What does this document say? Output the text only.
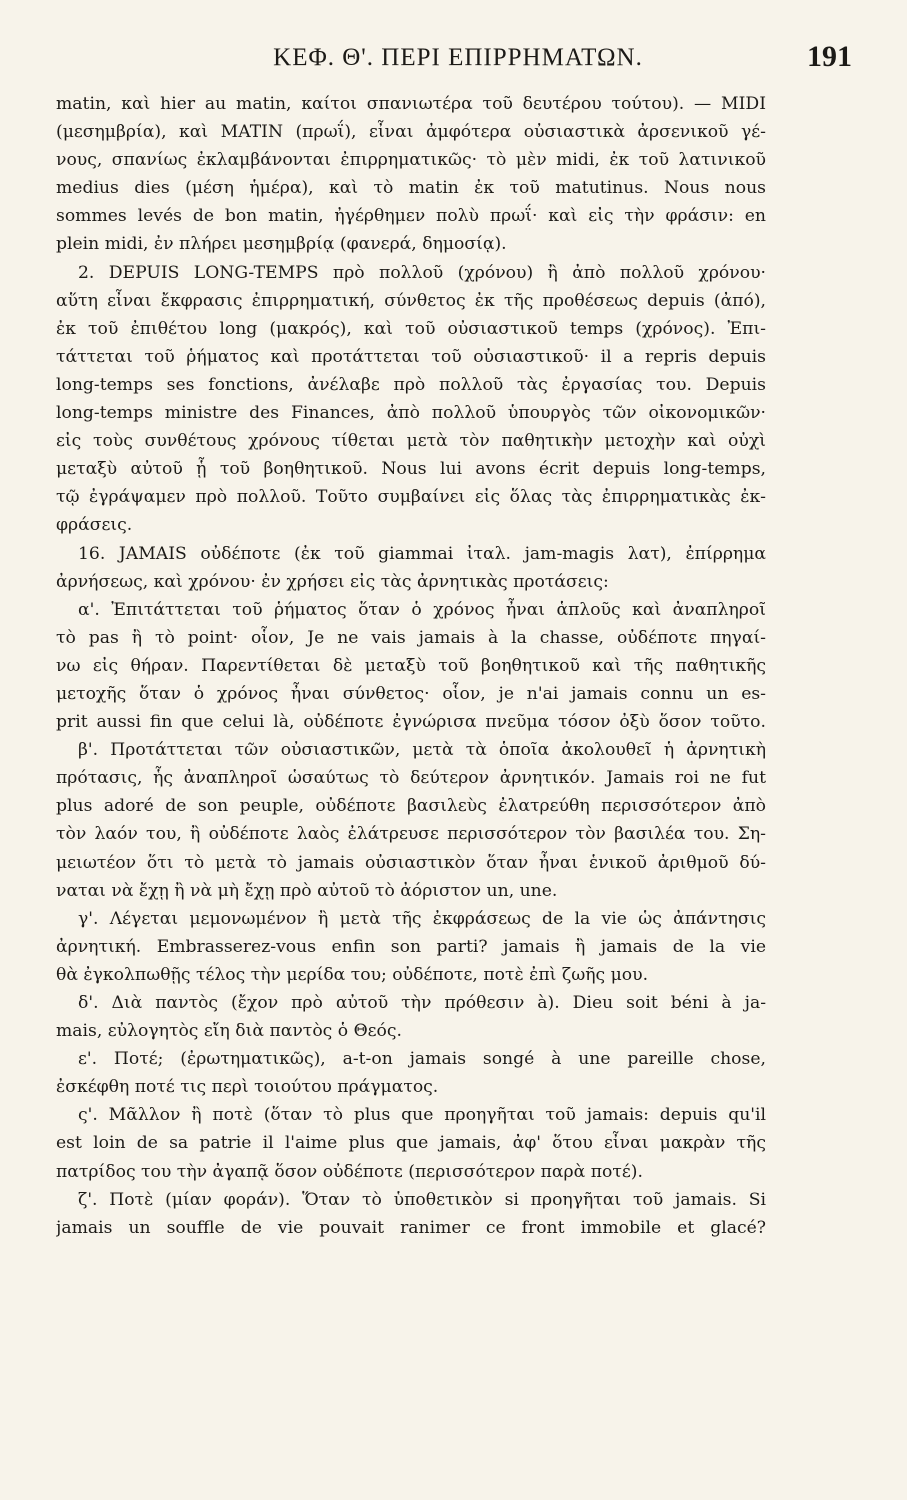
ΚΕΦ. Θ'. ΠΕΡΙ ΕΠΙΡΡΗΜΑΤΩΝ.	191
matin, καὶ hier au matin, καίτοι σπανιωτέρα τοῦ δευτέρου τούτου). — MIDI
(μεσημβρία), καὶ MATIN (πρωΐ), εἶναι ἀμφότερα οὐσιαστικὰ ἀρσενικοῦ γέ-
νους, σπανίως ἐκλαμβάνονται ἐπιρρηματικῶς· τὸ μὲν midi, ἐκ τοῦ λατινικοῦ
medius dies (μέση ἡμέρα), καὶ τὸ matin ἐκ τοῦ matutinus. Nous nous
sommes levés de bon matin, ἠγέρθημεν πολὺ πρωΐ· καὶ εἰς τὴν φράσιν: en
plein midi, ἐν πλήρει μεσημβρίᾳ (φανερά, δημοσίᾳ).
2. DEPUIS LONG-TEMPS πρὸ πολλοῦ (χρόνου) ἢ ἀπὸ πολλοῦ χρόνου·
αὕτη εἶναι ἔκφρασις ἐπιρρηματική, σύνθετος ἐκ τῆς προθέσεως depuis (ἀπό),
ἐκ τοῦ ἐπιθέτου long (μακρός), καὶ τοῦ οὐσιαστικοῦ temps (χρόνος). Ἐπι-
τάττεται τοῦ ῥήματος καὶ προτάττεται τοῦ οὐσιαστικοῦ· il a repris depuis
long-temps ses fonctions, ἀνέλαβε πρὸ πολλοῦ τὰς ἐργασίας του. Depuis
long-temps ministre des Finances, ἀπὸ πολλοῦ ὑπουργὸς τῶν οἰκονομικῶν·
εἰς τοὺς συνθέτους χρόνους τίθεται μετὰ τὸν παθητικὴν μετοχὴν καὶ οὐχὶ
μεταξὺ αὐτοῦ ᾗ τοῦ βοηθητικοῦ. Nous lui avons écrit depuis long-temps,
τῷ ἐγράψαμεν πρὸ πολλοῦ. Τοῦτο συμβαίνει εἰς ὅλας τὰς ἐπιρρηματικὰς ἐκ-
φράσεις.
16. JAMAIS οὐδέποτε (ἐκ τοῦ giammai ἰταλ. jam-magis λατ), ἐπίρρημα
ἀρνήσεως, καὶ χρόνου· ἐν χρήσει εἰς τὰς ἀρνητικὰς προτάσεις:
α'. Ἐπιτάττεται τοῦ ῥήματος ὅταν ὁ χρόνος ἦναι ἁπλοῦς καὶ ἀναπληροῖ
τὸ pas ἢ τὸ point· οἷον, Je ne vais jamais à la chasse, οὐδέποτε πηγαί-
νω εἰς θήραν. Παρεντίθεται δὲ μεταξὺ τοῦ βοηθητικοῦ καὶ τῆς παθητικῆς
μετοχῆς ὅταν ὁ χρόνος ἦναι σύνθετος· οἷον, je n'ai jamais connu un es-
prit aussi fin que celui là, οὐδέποτε ἐγνώρισα πνεῦμα τόσον ὀξὺ ὅσον τοῦτο.
β'. Προτάττεται τῶν οὐσιαστικῶν, μετὰ τὰ ὁποῖα ἀκολουθεῖ ἡ ἀρνητικὴ
πρότασις, ἧς ἀναπληροῖ ὡσαύτως τὸ δεύτερον ἀρνητικόν. Jamais roi ne fut
plus adoré de son peuple, οὐδέποτε βασιλεὺς ἐλατρεύθη περισσότερον ἀπὸ
τὸν λαόν του, ἢ οὐδέποτε λαὸς ἐλάτρευσε περισσότερον τὸν βασιλέα του. Ση-
μειωτέον ὅτι τὸ μετὰ τὸ jamais οὐσιαστικὸν ὅταν ἦναι ἑνικοῦ ἀριθμοῦ δύ-
ναται νὰ ἔχῃ ἢ νὰ μὴ ἔχῃ πρὸ αὐτοῦ τὸ ἀόριστον un, une.
γ'. Λέγεται μεμονωμένον ἢ μετὰ τῆς ἐκφράσεως de la vie ὡς ἀπάντησις
ἀρνητική. Embrasserez-vous enfin son parti? jamais ἢ jamais de la vie
θὰ ἐγκολπωθῇς τέλος τὴν μερίδα του; οὐδέποτε, ποτὲ ἐπὶ ζωῆς μου.
δ'. Διὰ παντὸς (ἔχον πρὸ αὐτοῦ τὴν πρόθεσιν à). Dieu soit béni à ja-
mais, εὐλογητὸς εἴη διὰ παντὸς ὁ Θεός.
ε'. Ποτέ; (ἐρωτηματικῶς), a-t-on jamais songé à une pareille chose,
ἐσκέφθη ποτέ τις περὶ τοιούτου πράγματος.
ς'. Μᾶλλον ἢ ποτὲ (ὅταν τὸ plus que προηγῆται τοῦ jamais: depuis qu'il
est loin de sa patrie il l'aime plus que jamais, ἀφ' ὅτου εἶναι μακρὰν τῆς
πατρίδος του τὴν ἀγαπᾷ ὅσον οὐδέποτε (περισσότερον παρὰ ποτέ).
ζ'. Ποτὲ (μίαν φοράν). Ὅταν τὸ ὑποθετικὸν si προηγῆται τοῦ jamais. Si
jamais un souffle de vie pouvait ranimer ce front immobile et glacé?
